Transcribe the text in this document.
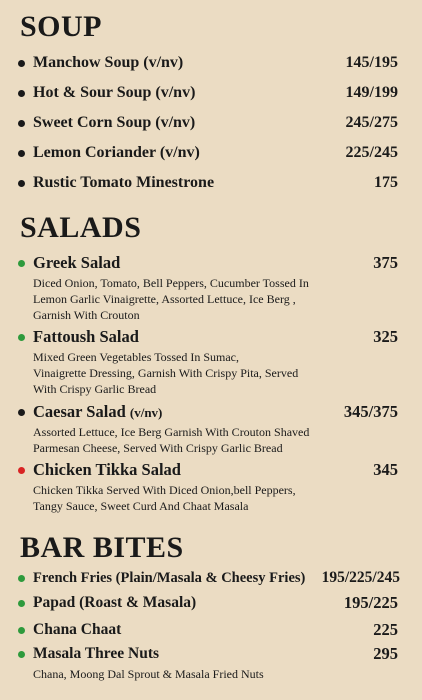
SOUP
Manchow Soup (v/nv)	145/195
Hot & Sour Soup (v/nv)	149/199
Sweet Corn Soup (v/nv)	245/275
Lemon Coriander (v/nv)	225/245
Rustic Tomato Minestrone	175
SALADS
Greek Salad	375
Diced Onion, Tomato, Bell Peppers, Cucumber Tossed In
Lemon Garlic Vinaigrette, Assorted Lettuce, Ice Berg ,
Garnish With Crouton
Fattoush Salad	325
Mixed Green Vegetables Tossed In Sumac,
Vinaigrette Dressing, Garnish With Crispy Pita, Served
With Crispy Garlic Bread
Caesar Salad (v/nv)	345/375
Assorted Lettuce, Ice Berg Garnish With Crouton Shaved
Parmesan Cheese, Served With Crispy Garlic Bread
Chicken Tikka Salad	345
Chicken Tikka Served With Diced Onion,bell Peppers,
Tangy Sauce, Sweet Curd And Chaat Masala
BAR BITES
French Fries (Plain/Masala & Cheesy Fries) 195/225/245
Papad (Roast & Masala)	195/225
Chana Chaat	225
Masala Three Nuts	295
Chana, Moong Dal Sprout & Masala Fried Nuts
